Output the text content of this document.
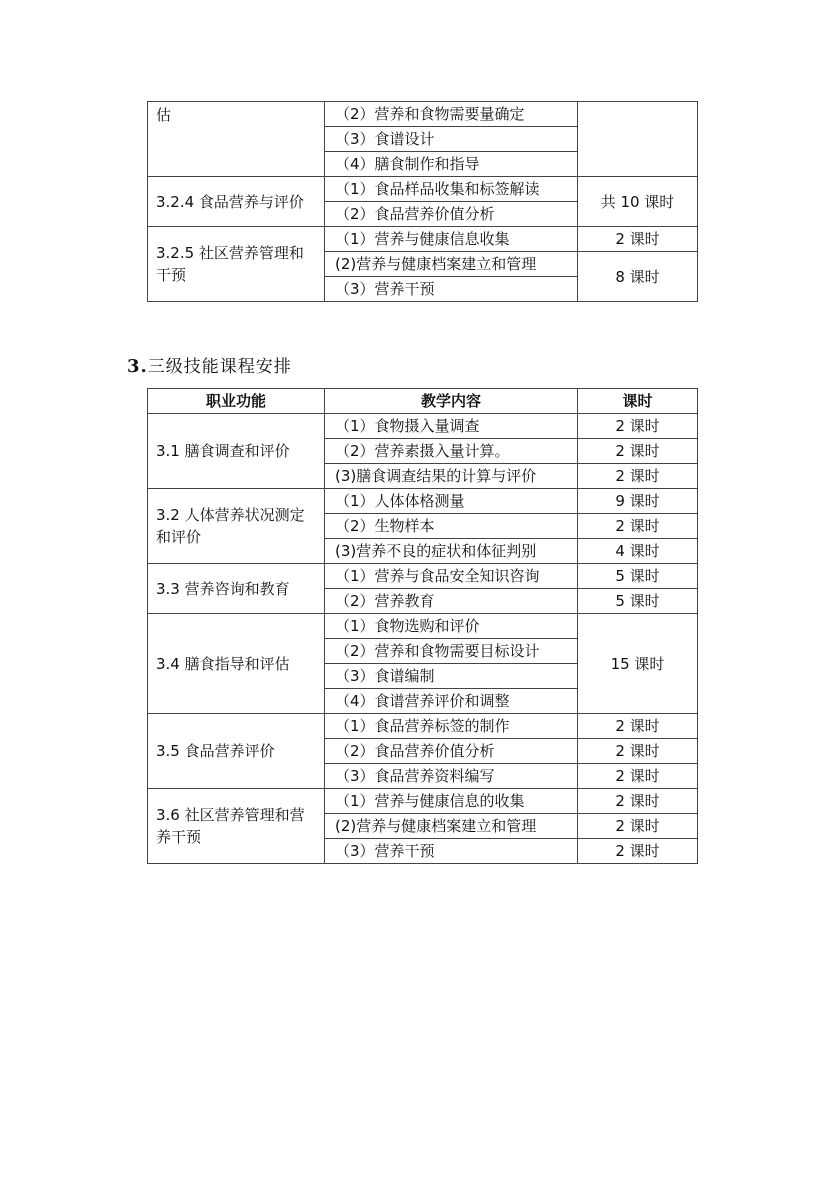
估	（2）营养和食物需要量确定	
	（3）食谱设计	
	（4）膳食制作和指导	
3.2.4 食品营养与评价	（1）食品样品收集和标签解读	共 10 课时
	（2）食品营养价值分析	
3.2.5 社区营养管理和干预	（1）营养与健康信息收集	2 课时
	(2)营养与健康档案建立和管理	8 课时
	（3）营养干预	
3.三级技能课程安排
职业功能	教学内容	课时
3.1 膳食调查和评价	（1）食物摄入量调查	2 课时
	（2）营养素摄入量计算。	2 课时
	(3)膳食调查结果的计算与评价	2 课时
3.2 人体营养状况测定和评价	（1）人体体格测量	9 课时
	（2）生物样本	2 课时
	(3)营养不良的症状和体征判别	4 课时
3.3 营养咨询和教育	（1）营养与食品安全知识咨询	5 课时
	（2）营养教育	5 课时
3.4 膳食指导和评估	（1）食物选购和评价	15 课时
	（2）营养和食物需要目标设计	
	（3）食谱编制	
	（4）食谱营养评价和调整	
3.5 食品营养评价	（1）食品营养标签的制作	2 课时
	（2）食品营养价值分析	2 课时
	（3）食品营养资料编写	2 课时
3.6 社区营养管理和营养干预	（1）营养与健康信息的收集	2 课时
	(2)营养与健康档案建立和管理	2 课时
	（3）营养干预	2 课时
